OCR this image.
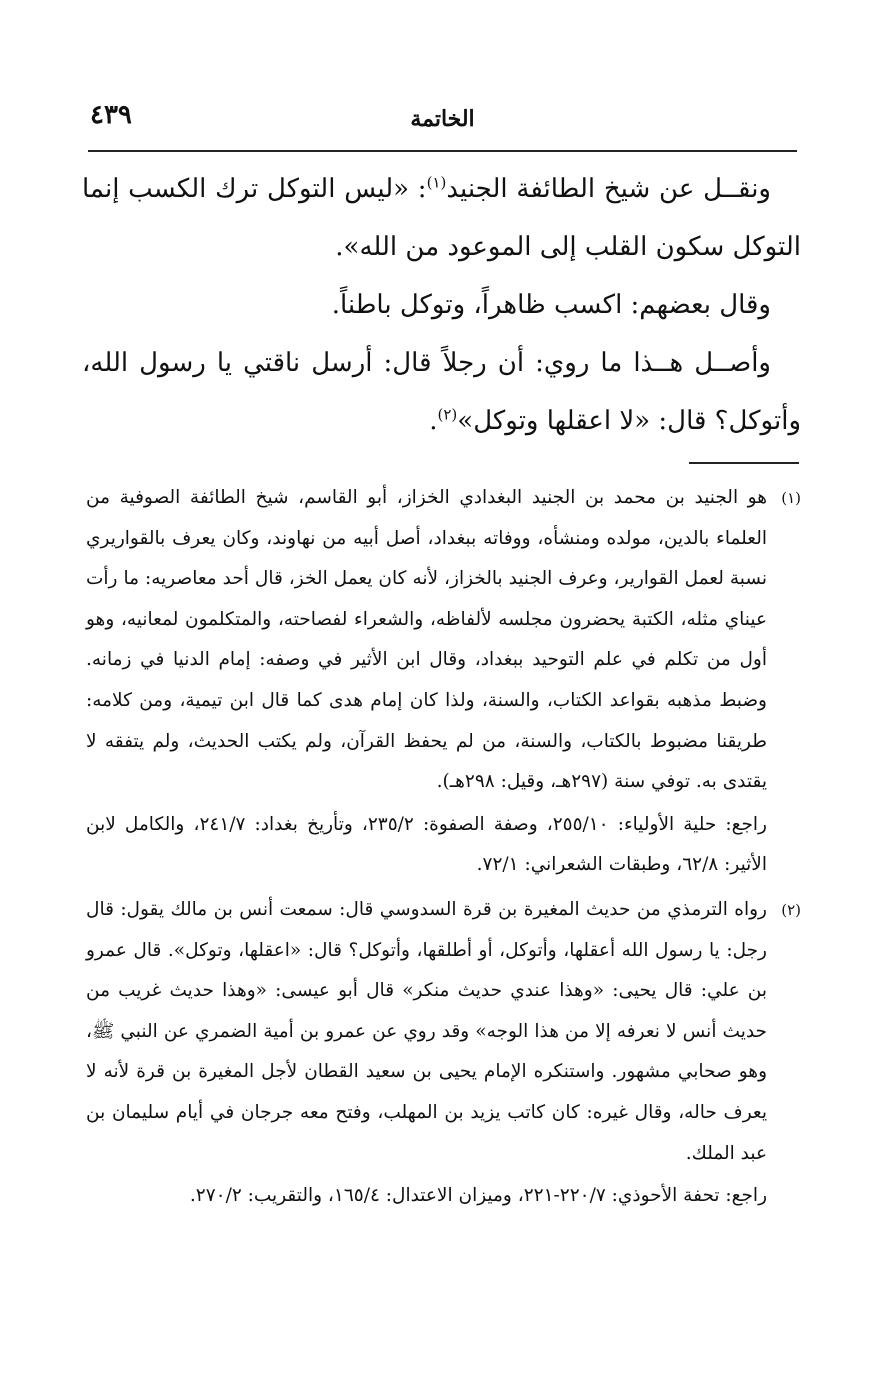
٤٣٩	الخاتمة

ونقــل عن شيخ الطائفة الجنيد$^{(١)}$: «ليس التوكل ترك الكسب إنما التوكل سكون القلب إلى الموعود من الله».

وقال بعضهم: اكسب ظاهراً، وتوكل باطناً.

وأصــل هــذا ما روي: أن رجلاً قال: أرسل ناقتي يا رسول الله، وأتوكل؟ قال: «لا اعقلها وتوكل»$^{(٢)}$.

(١)

هو الجنيد بن محمد بن الجنيد البغدادي الخزاز، أبو القاسم، شيخ الطائفة الصوفية من العلماء بالدين، مولده ومنشأه، ووفاته ببغداد، أصل أبيه من نهاوند، وكان يعرف بالقواريري نسبة لعمل القوارير، وعرف الجنيد بالخزاز، لأنه كان يعمل الخز، قال أحد معاصريه: ما رأت عيناي مثله، الكتبة يحضرون مجلسه لألفاظه، والشعراء لفصاحته، والمتكلمون لمعانيه، وهو أول من تكلم في علم التوحيد ببغداد، وقال ابن الأثير في وصفه: إمام الدنيا في زمانه. وضبط مذهبه بقواعد الكتاب، والسنة، ولذا كان إمام هدى كما قال ابن تيمية، ومن كلامه: طريقنا مضبوط بالكتاب، والسنة، من لم يحفظ القرآن، ولم يكتب الحديث، ولم يتفقه لا يقتدى به. توفي سنة (٢٩٧هـ، وقيل: ٢٩٨هـ).

راجع: حلية الأولياء: ٢٥٥/١٠، وصفة الصفوة: ٢٣٥/٢، وتأريخ بغداد: ٢٤١/٧، والكامل لابن الأثير: ٦٢/٨، وطبقات الشعراني: ٧٢/١.

(٢)

رواه الترمذي من حديث المغيرة بن قرة السدوسي قال: سمعت أنس بن مالك يقول: قال رجل: يا رسول الله أعقلها، وأتوكل، أو أطلقها، وأتوكل؟ قال: «اعقلها، وتوكل». قال عمرو بن علي: قال يحيى: «وهذا عندي حديث منكر» قال أبو عيسى: «وهذا حديث غريب من حديث أنس لا نعرفه إلا من هذا الوجه» وقد روي عن عمرو بن أمية الضمري عن النبي ﷺ، وهو صحابي مشهور. واستنكره الإمام يحيى بن سعيد القطان لأجل المغيرة بن قرة لأنه لا يعرف حاله، وقال غيره: كان كاتب يزيد بن المهلب، وفتح معه جرجان في أيام سليمان بن عبد الملك.

راجع: تحفة الأحوذي: ٢٢٠/٧-٢٢١، وميزان الاعتدال: ١٦٥/٤، والتقريب: ٢٧٠/٢.
